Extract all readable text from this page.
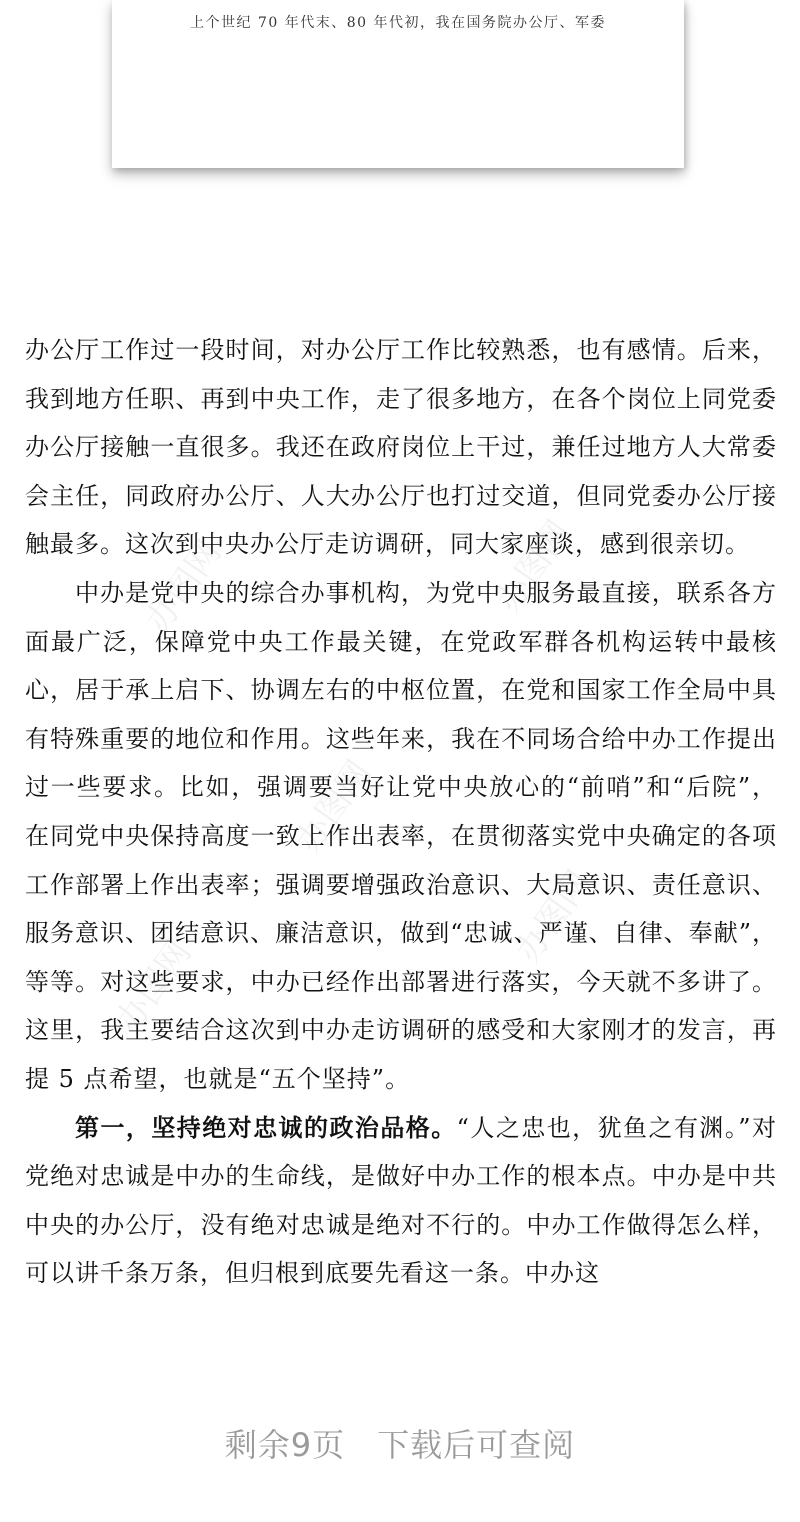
上个世纪 70 年代末、80 年代初，我在国务院办公厅、军委
办图网	办图网
办图网
办图网
办图网

办公厅工作过一段时间，对办公厅工作比较熟悉，也有感情。后来，我到地方任职、再到中央工作，走了很多地方，在各个岗位上同党委办公厅接触一直很多。我还在政府岗位上干过，兼任过地方人大常委会主任，同政府办公厅、人大办公厅也打过交道，但同党委办公厅接触最多。这次到中央办公厅走访调研，同大家座谈，感到很亲切。

中办是党中央的综合办事机构，为党中央服务最直接，联系各方面最广泛，保障党中央工作最关键，在党政军群各机构运转中最核心，居于承上启下、协调左右的中枢位置，在党和国家工作全局中具有特殊重要的地位和作用。这些年来，我在不同场合给中办工作提出过一些要求。比如，强调要当好让党中央放心的“前哨”和“后院”，在同党中央保持高度一致上作出表率，在贯彻落实党中央确定的各项工作部署上作出表率；强调要增强政治意识、大局意识、责任意识、服务意识、团结意识、廉洁意识，做到“忠诚、严谨、自律、奉献”，等等。对这些要求，中办已经作出部署进行落实，今天就不多讲了。这里，我主要结合这次到中办走访调研的感受和大家刚才的发言，再提 5 点希望，也就是“五个坚持”。

第一，坚持绝对忠诚的政治品格。“人之忠也，犹鱼之有渊。”对党绝对忠诚是中办的生命线，是做好中办工作的根本点。中办是中共中央的办公厅，没有绝对忠诚是绝对不行的。中办工作做得怎么样，可以讲千条万条，但归根到底要先看这一条。中办这

剩余9页 下载后可查阅
